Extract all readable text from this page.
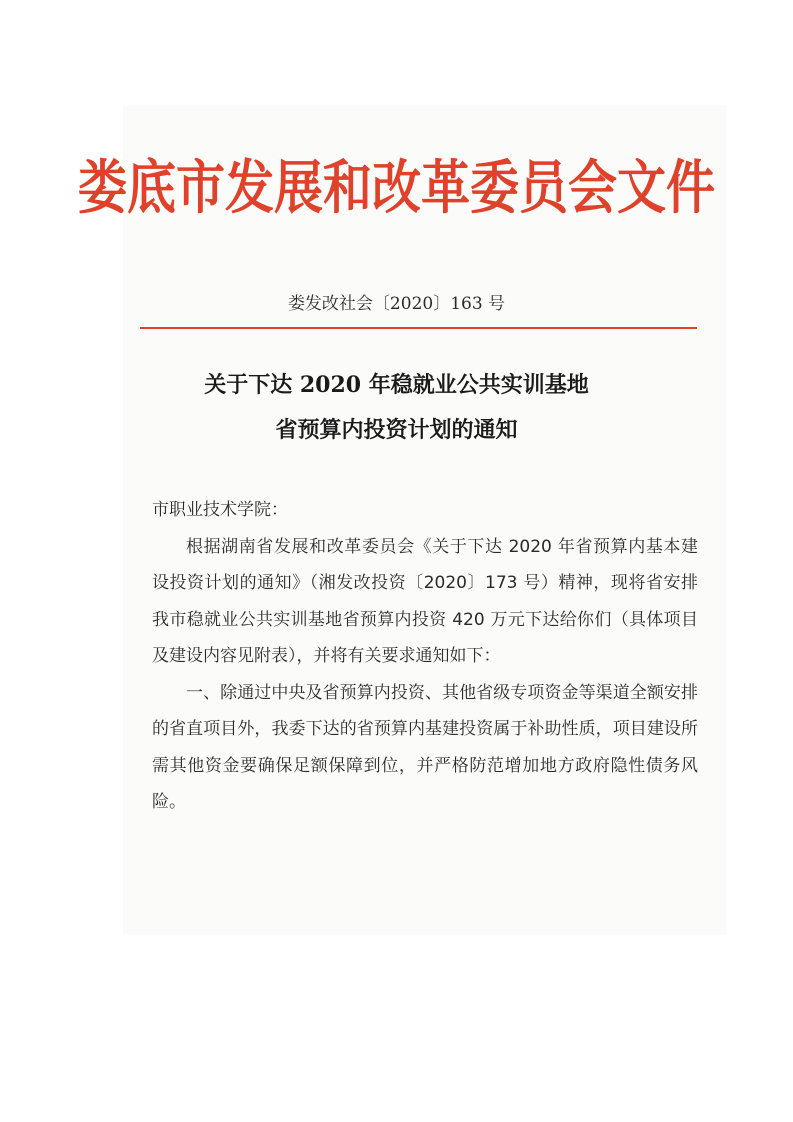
娄底市发展和改革委员会文件
娄发改社会〔2020〕163 号
关于下达 2020 年稳就业公共实训基地
省预算内投资计划的通知

市职业技术学院：

根据湖南省发展和改革委员会《关于下达 2020 年省预算内基本建设投资计划的通知》（湘发改投资〔2020〕173 号）精神，现将省安排我市稳就业公共实训基地省预算内投资 420 万元下达给你们（具体项目及建设内容见附表），并将有关要求通知如下：

一、除通过中央及省预算内投资、其他省级专项资金等渠道全额安排的省直项目外，我委下达的省预算内基建投资属于补助性质，项目建设所需其他资金要确保足额保障到位，并严格防范增加地方政府隐性债务风险。
